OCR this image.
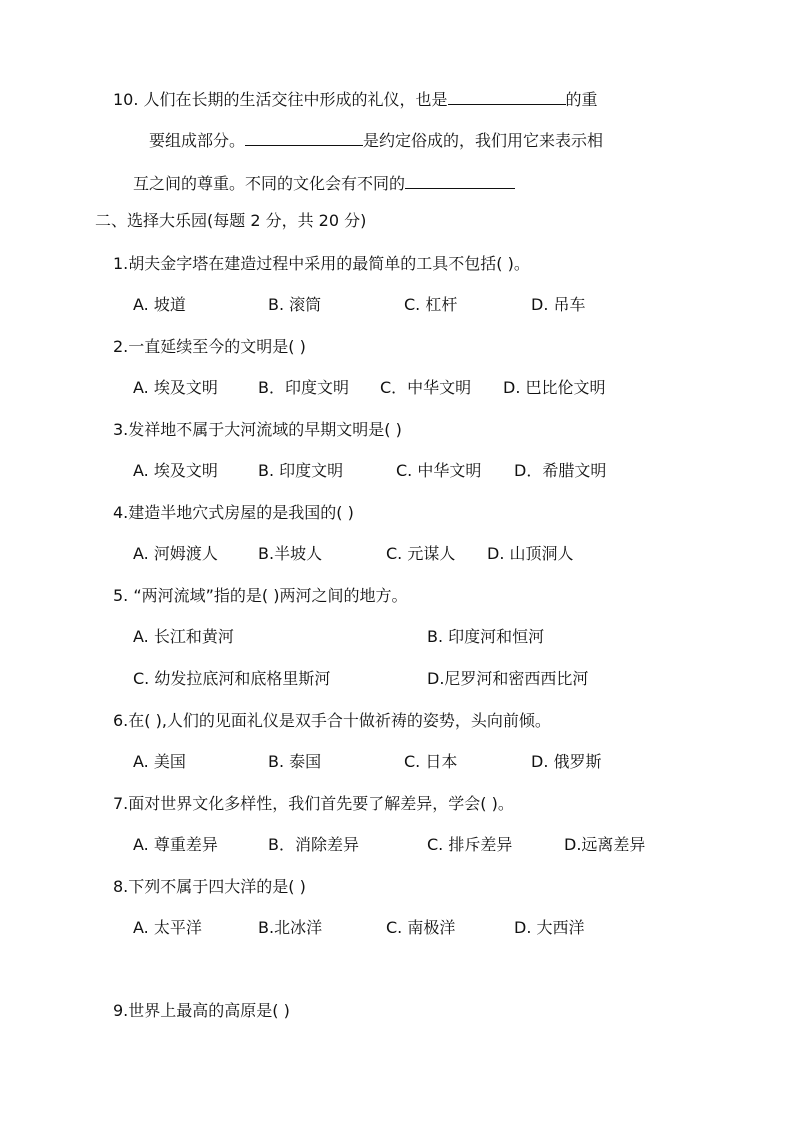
10. 人们在长期的生活交往中形成的礼仪，也是	的重
要组成部分。	是约定俗成的，我们用它来表示相
互之间的尊重。不同的文化会有不同的
二、选择大乐园(每题 2 分，共 20 分)
1.胡夫金字塔在建造过程中采用的最简单的工具不包括( )。
A. 坡道	B. 滚筒	C. 杠杆	D. 吊车
2.一直延续至今的文明是( )
A. 埃及文明	B．印度文明 C．中华文明 D. 巴比伦文明
3.发祥地不属于大河流域的早期文明是( )
A. 埃及文明	B. 印度文明	C. 中华文明 D．希腊文明
4.建造半地穴式房屋的是我国的( )
A. 河姆渡人	B.半坡人	C. 元谋人 D. 山顶洞人
5. “两河流域”指的是( )两河之间的地方。
A. 长江和黄河	B. 印度河和恒河
C. 幼发拉底河和底格里斯河	D.尼罗河和密西西比河
6.在( ),人们的见面礼仪是双手合十做祈祷的姿势，头向前倾。
A. 美国	B. 泰国	C. 日本	D. 俄罗斯
7.面对世界文化多样性，我们首先要了解差异，学会( )。
A. 尊重差异	B．消除差异	C. 排斥差异	D.远离差异
8.下列不属于四大洋的是( )
A. 太平洋	B.北冰洋	C. 南极洋	D. 大西洋
9.世界上最高的高原是( )
